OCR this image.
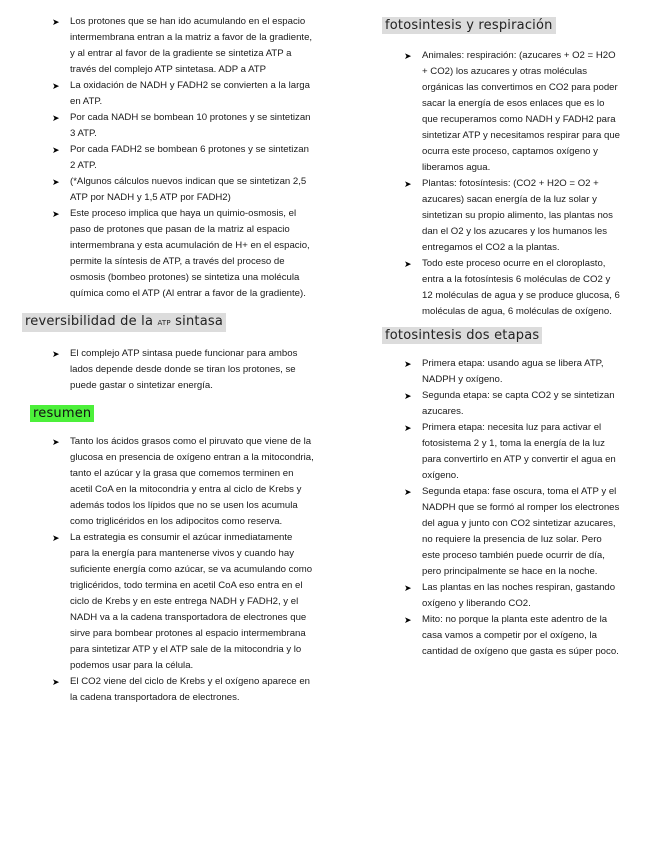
➤ Los protones que se han ido acumulando en el espacio intermembrana entran a la matriz a favor de la gradiente, y al entrar al favor de la gradiente se sintetiza ATP a través del complejo ATP sintetasa. ADP a ATP
➤ La oxidación de NADH y FADH2 se convierten a la larga en ATP.
➤ Por cada NADH se bombean 10 protones y se sintetizan 3 ATP.
➤ Por cada FADH2 se bombean 6 protones y se sintetizan 2 ATP.
➤ (*Algunos cálculos nuevos indican que se sintetizan 2,5 ATP por NADH y 1,5 ATP por FADH2)
➤ Este proceso implica que haya un quimio-osmosis, el paso de protones que pasan de la matriz al espacio intermembrana y esta acumulación de H+ en el espacio, permite la síntesis de ATP, a través del proceso de osmosis (bombeo protones) se sintetiza una molécula química como el ATP (Al entrar a favor de la gradiente).
reversibilidad de la ATP sintasa
➤ El complejo ATP sintasa puede funcionar para ambos lados depende desde donde se tiran los protones, se puede gastar o sintetizar energía.
resumen
➤ Tanto los ácidos grasos como el piruvato que viene de la glucosa en presencia de oxígeno entran a la mitocondria, tanto el azúcar y la grasa que comemos terminen en acetil CoA en la mitocondria y entra al ciclo de Krebs y además todos los lípidos que no se usen los acumula como triglicéridos en los adipocitos como reserva.
➤ La estrategia es consumir el azúcar inmediatamente para la energía para mantenerse vivos y cuando hay suficiente energía como azúcar, se va acumulando como triglicéridos, todo termina en acetil CoA eso entra en el ciclo de Krebs y en este entrega NADH y FADH2, y el NADH va a la cadena transportadora de electrones que sirve para bombear protones al espacio intermembrana para sintetizar ATP y el ATP sale de la mitocondria y lo podemos usar para la célula.
➤ El CO2 viene del ciclo de Krebs y el oxígeno aparece en la cadena transportadora de electrones.
fotosintesis y respiración
➤ Animales: respiración: (azucares + O2 = H2O + CO2) los azucares y otras moléculas orgánicas las convertimos en CO2 para poder sacar la energía de esos enlaces que es lo que recuperamos como NADH y FADH2 para sintetizar ATP y necesitamos respirar para que ocurra este proceso, captamos oxígeno y liberamos agua.
➤ Plantas: fotosíntesis: (CO2 + H2O = O2 + azucares) sacan energía de la luz solar y sintetizan su propio alimento, las plantas nos dan el O2 y los azucares y los humanos les entregamos el CO2 a la plantas.
➤ Todo este proceso ocurre en el cloroplasto, entra a la fotosíntesis 6 moléculas de CO2 y 12 moléculas de agua y se produce glucosa, 6 moléculas de agua, 6 moléculas de oxígeno.
fotosintesis dos etapas
➤ Primera etapa: usando agua se libera ATP, NADPH y oxígeno.
➤ Segunda etapa: se capta CO2 y se sintetizan azucares.
➤ Primera etapa: necesita luz para activar el fotosistema 2 y 1, toma la energía de la luz para convertirlo en ATP y convertir el agua en oxígeno.
➤ Segunda etapa: fase oscura, toma el ATP y el NADPH que se formó al romper los electrones del agua y junto con CO2 sintetizar azucares, no requiere la presencia de luz solar. Pero este proceso también puede ocurrir de día, pero principalmente se hace en la noche.
➤ Las plantas en las noches respiran, gastando oxígeno y liberando CO2.
➤ Mito: no porque la planta este adentro de la casa vamos a competir por el oxígeno, la cantidad de oxígeno que gasta es súper poco.
